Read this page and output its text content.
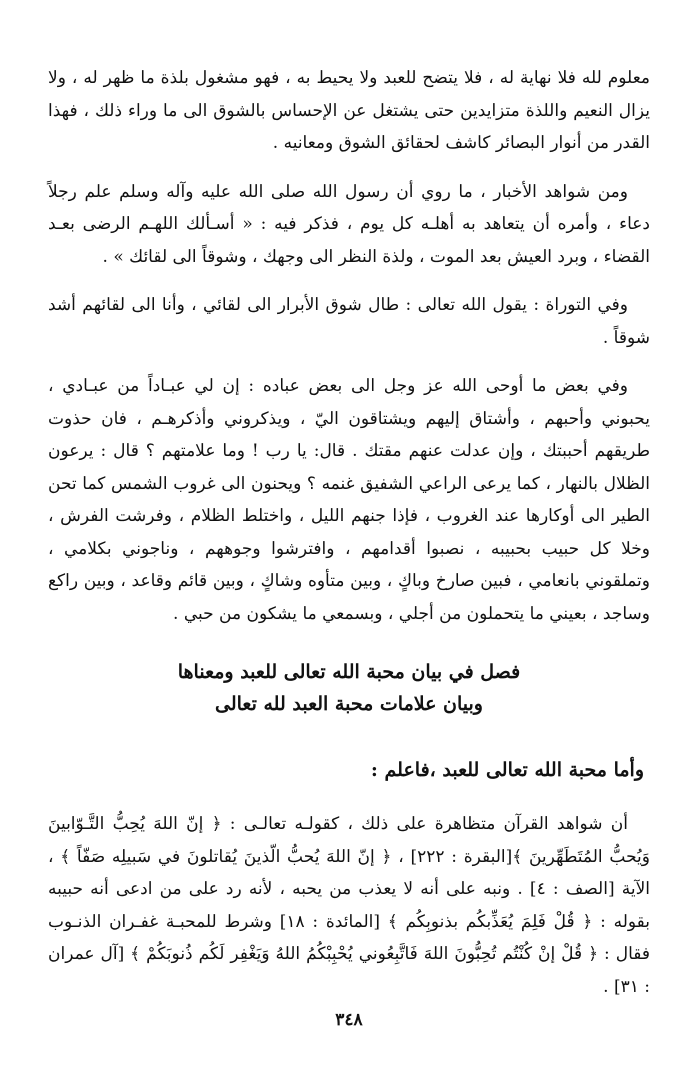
معلوم لله فلا نهاية له ، فلا يتضح للعبد ولا يحيط به ، فهو مشغول بلذة ما ظهر له ، ولا يزال النعيم واللذة متزايدين حتى يشتغل عن الإحساس بالشوق الى ما وراء ذلك ، فهذا القدر من أنوار البصائر كاشف لحقائق الشوق ومعانيه .

ومن شواهد الأخبار ، ما روي أن رسول الله صلى الله عليه وآله وسلم علم رجلاً دعاء ، وأمره أن يتعاهد به أهلـه كل يوم ، فذكر فيه : « أسـألك اللهـم الرضى بعـد القضاء ، وبرد العيش بعد الموت ، ولذة النظر الى وجهك ، وشوقاً الى لقائك » .

وفي التوراة : يقول الله تعالى : طال شوق الأبرار الى لقائي ، وأنا الى لقائهم أشد شوقاً .

وفي بعض ما أوحى الله عز وجل الى بعض عباده : إن لي عبـاداً من عبـادي ، يحبوني وأحبهم ، وأشتاق إليهم ويشتاقون اليّ ، ويذكروني وأذكرهـم ، فان حذوت طريقهم أحببتك ، وإن عدلت عنهم مقتك . قال: يا رب ! وما علامتهم ؟ قال : يرعون الظلال بالنهار ، كما يرعى الراعي الشفيق غنمه ؟ ويحنون الى غروب الشمس كما تحن الطير الى أوكارها عند الغروب ، فإذا جنهم الليل ، واختلط الظلام ، وفرشت الفرش ، وخلا كل حبيب بحبيبه ، نصبوا أقدامهم ، وافترشوا وجوههم ، وناجوني بكلامي ، وتملقوني بانعامي ، فبين صارخ وباكٍ ، وبين متأوه وشاكٍ ، وبين قائم وقاعد ، وبين راكع وساجد ، بعيني ما يتحملون من أجلي ، وبسمعي ما يشكون من حبي .

فصل في بيان محبة الله تعالى للعبد ومعناها

وبيان علامات محبة العبد لله تعالى

وأما محبة الله تعالى للعبد ،فاعلم :

أن شواهد القرآن متظاهرة على ذلك ، كقولـه تعالـى : ﴿ إنّ اللهَ يُحِبُّ التَّـوّابينَ وَيُحبُّ المُتَطَهِّرينَ ﴾[البقرة : ٢٢٢] ، ﴿ إنّ اللهَ يُحبُّ الّذينَ يُقاتلونَ في سَبيلِه صَفّاً ﴾ ، الآية [الصف : ٤] . ونبه على أنه لا يعذب من يحبه ، لأنه رد على من ادعى أنه حبيبه بقوله : ﴿ قُلْ فَلِمَ يُعَذِّبكُم بذنوبِكُم ﴾ [المائدة : ١٨] وشرط للمحبـة غفـران الذنـوب فقال : ﴿ قُلْ إنْ كُنْتُم تُحِبُّونَ اللهَ فَاتَّبِعُوني يُحْبِبْكُمُ اللهُ وَيَغْفِر لَكُم ذُنوبَكُمْ ﴾ [آل عمران : ٣١] .

٣٤٨
